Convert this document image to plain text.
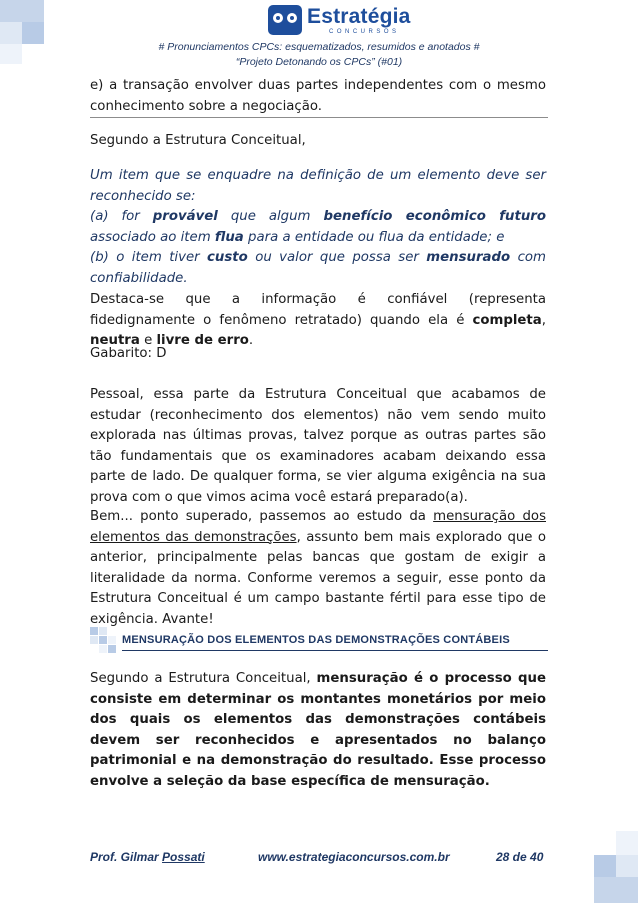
Estratégia
CONCURSOS
# Pronunciamentos CPCs: esquematizados, resumidos e anotados #
“Projeto Detonando os CPCs” (#01)

e) a transação envolver duas partes independentes com o mesmo conhecimento sobre a negociação.

Segundo a Estrutura Conceitual,

Um item que se enquadre na definição de um elemento deve ser reconhecido se:
(a) for provável que algum benefício econômico futuro associado ao item flua para a entidade ou flua da entidade; e
(b) o item tiver custo ou valor que possa ser mensurado com confiabilidade.

Destaca-se que a informação é confiável (representa fidedignamente o fenômeno retratado) quando ela é completa, neutra e livre de erro.

Gabarito: D

Pessoal, essa parte da Estrutura Conceitual que acabamos de estudar (reconhecimento dos elementos) não vem sendo muito explorada nas últimas provas, talvez porque as outras partes são tão fundamentais que os examinadores acabam deixando essa parte de lado. De qualquer forma, se vier alguma exigência na sua prova com o que vimos acima você estará preparado(a).

Bem... ponto superado, passemos ao estudo da mensuração dos elementos das demonstrações, assunto bem mais explorado que o anterior, principalmente pelas bancas que gostam de exigir a literalidade da norma. Conforme veremos a seguir, esse ponto da Estrutura Conceitual é um campo bastante fértil para esse tipo de exigência. Avante!

MENSURAÇÃO DOS ELEMENTOS DAS DEMONSTRAÇÕES CONTÁBEIS

Segundo a Estrutura Conceitual, mensuração é o processo que consiste em determinar os montantes monetários por meio dos quais os elementos das demonstrações contábeis devem ser reconhecidos e apresentados no balanço patrimonial e na demonstração do resultado. Esse processo envolve a seleção da base específica de mensuração.

Prof. Gilmar Possati	www.estrategiaconcursos.com.br	28 de 40
